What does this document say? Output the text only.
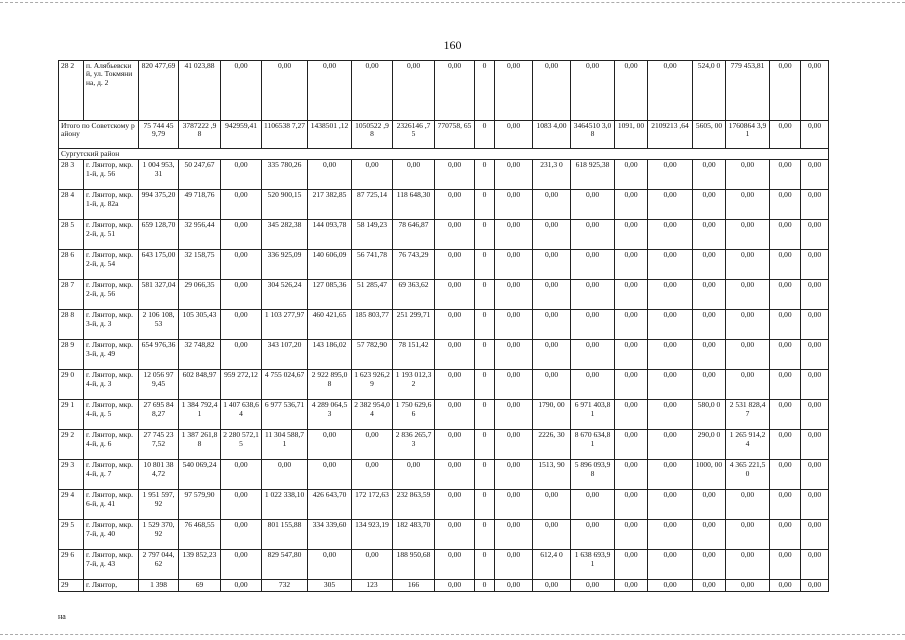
160
28 2	п. Алябьевский, ул. Токмянина, д. 2	820 477,69	41 023,88	0,00	0,00	0,00	0,00	0,00	0,00	0	0,00	0,00	0,00	0,00	0,00	524,0 0	779 453,81	0,00	0,00
Итого по Советскому району		75 744 459,79	3787222 ,98	942959,41	1106538 7,27	1438501 ,12	1050522 ,98	2326146 ,75	770758, 65	0	0,00	1083 4,00	3464510 3,08	1091, 00	2109213 ,64	5605, 00	1760864 3,91	0,00	0,00
Сургутский район																			
28 3	г. Лянтор, мкр. 1-й, д. 56	1 004 953,31	50 247,67	0,00	335 780,26	0,00	0,00	0,00	0,00	0	0,00	231,3 0	618 925,38	0,00	0,00	0,00	0,00	0,00	0,00
28 4	г. Лянтор, мкр. 1-й, д. 82а	994 375,20	49 718,76	0,00	520 900,15	217 382,85	87 725,14	118 648,30	0,00	0	0,00	0,00	0,00	0,00	0,00	0,00	0,00	0,00	0,00
28 5	г. Лянтор, мкр. 2-й, д. 51	659 128,70	32 956,44	0,00	345 282,38	144 093,78	58 149,23	78 646,87	0,00	0	0,00	0,00	0,00	0,00	0,00	0,00	0,00	0,00	0,00
28 6	г. Лянтор, мкр. 2-й, д. 54	643 175,00	32 158,75	0,00	336 925,09	140 606,09	56 741,78	76 743,29	0,00	0	0,00	0,00	0,00	0,00	0,00	0,00	0,00	0,00	0,00
28 7	г. Лянтор, мкр. 2-й, д. 56	581 327,04	29 066,35	0,00	304 526,24	127 085,36	51 285,47	69 363,62	0,00	0	0,00	0,00	0,00	0,00	0,00	0,00	0,00	0,00	0,00
28 8	г. Лянтор, мкр. 3-й, д. 3	2 106 108,53	105 305,43	0,00	1 103 277,97	460 421,65	185 803,77	251 299,71	0,00	0	0,00	0,00	0,00	0,00	0,00	0,00	0,00	0,00	0,00
28 9	г. Лянтор, мкр. 3-й, д. 49	654 976,36	32 748,82	0,00	343 107,20	143 186,02	57 782,90	78 151,42	0,00	0	0,00	0,00	0,00	0,00	0,00	0,00	0,00	0,00	0,00
29 0	г. Лянтор, мкр. 4-й, д. 3	12 056 979,45	602 848,97	959 272,12	4 755 024,67	2 922 895,08	1 623 926,29	1 193 012,32	0,00	0	0,00	0,00	0,00	0,00	0,00	0,00	0,00	0,00	0,00
29 1	г. Лянтор, мкр. 4-й, д. 5	27 695 848,27	1 384 792,41	1 407 638,64	6 977 536,71	4 289 064,53	2 382 954,04	1 750 629,66	0,00	0	0,00	1790, 00	6 971 403,81	0,00	0,00	580,0 0	2 531 828,47	0,00	0,00
29 2	г. Лянтор, мкр. 4-й, д. 6	27 745 237,52	1 387 261,88	2 280 572,15	11 304 588,71	0,00	0,00	2 836 265,73	0,00	0	0,00	2226, 30	8 670 634,81	0,00	0,00	290,0 0	1 265 914,24	0,00	0,00
29 3	г. Лянтор, мкр. 4-й, д. 7	10 801 384,72	540 069,24	0,00	0,00	0,00	0,00	0,00	0,00	0	0,00	1513, 90	5 896 093,98	0,00	0,00	1000, 00	4 365 221,50	0,00	0,00
29 4	г. Лянтор, мкр. 6-й, д. 41	1 951 597,92	97 579,90	0,00	1 022 338,10	426 643,70	172 172,63	232 863,59	0,00	0	0,00	0,00	0,00	0,00	0,00	0,00	0,00	0,00	0,00
29 5	г. Лянтор, мкр. 7-й, д. 40	1 529 370,92	76 468,55	0,00	801 155,88	334 339,60	134 923,19	182 483,70	0,00	0	0,00	0,00	0,00	0,00	0,00	0,00	0,00	0,00	0,00
29 6	г. Лянтор, мкр. 7-й, д. 43	2 797 044,62	139 852,23	0,00	829 547,80	0,00	0,00	188 950,68	0,00	0	0,00	612,4 0	1 638 693,91	0,00	0,00	0,00	0,00	0,00	0,00
29	г. Лянтор,	1 398	69	0,00	732	305	123	166	0,00	0	0,00	0,00	0,00	0,00	0,00	0,00	0,00	0,00	0,00
на
